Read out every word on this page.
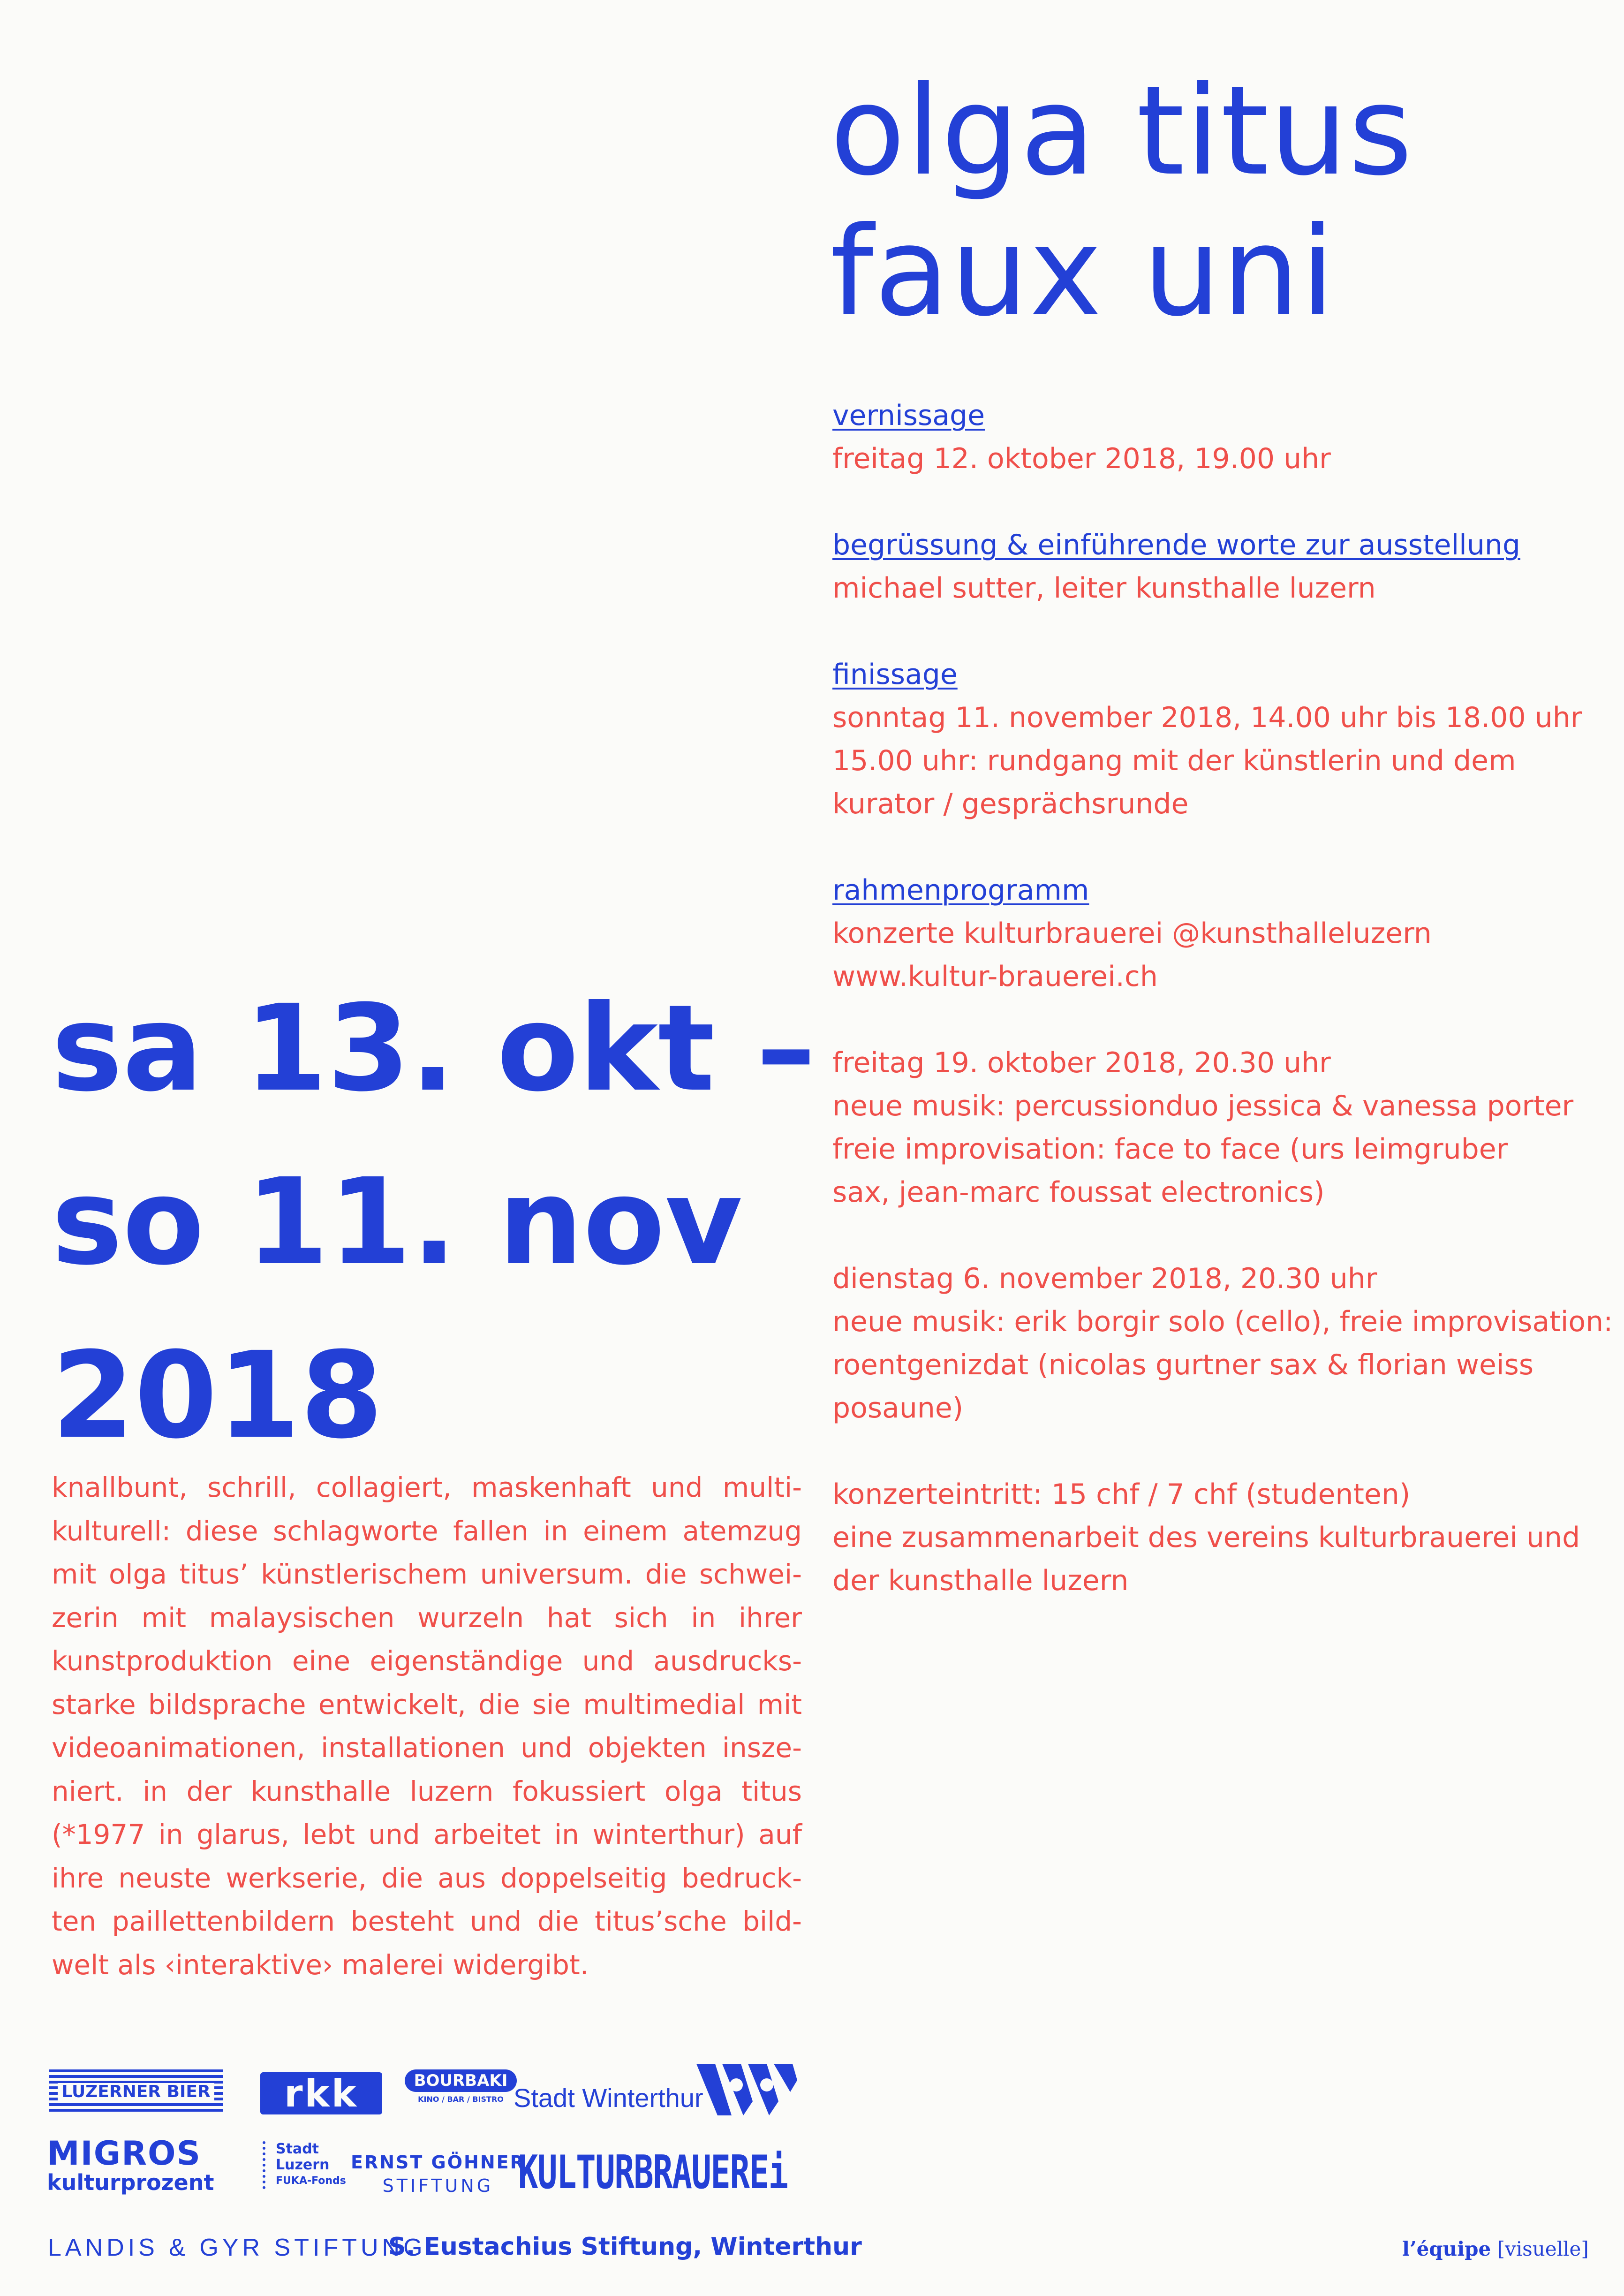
olga titus
faux uni
vernissage
freitag 12. oktober 2018, 19.00 uhr
begrüssung & einführende worte zur ausstellung
michael sutter, leiter kunsthalle luzern
finissage
sonntag 11. november 2018, 14.00 uhr bis 18.00 uhr
15.00 uhr: rundgang mit der künstlerin und dem
kurator / gesprächsrunde
rahmenprogramm
konzerte kulturbrauerei @kunsthalleluzern
www.kultur-brauerei.ch
freitag 19. oktober 2018, 20.30 uhr
neue musik: percussionduo jessica & vanessa porter
freie improvisation: face to face (urs leimgruber
sax, jean-marc foussat electronics)
dienstag 6. november 2018, 20.30 uhr
neue musik: erik borgir solo (cello), freie improvisation:
roentgenizdat (nicolas gurtner sax & florian weiss
posaune)
konzerteintritt: 15 chf / 7 chf (studenten)
eine zusammenarbeit des vereins kulturbrauerei und
der kunsthalle luzern
sa 13. okt –
so 11. nov
2018
knallbunt, schrill, collagiert, maskenhaft und multi-
kulturell: diese schlagworte fallen in einem atemzug
mit olga titus’ künstlerischem universum. die schwei-
zerin mit malaysischen wurzeln hat sich in ihrer
kunstproduktion eine eigenständige und ausdrucks-
starke bildsprache entwickelt, die sie multimedial mit
videoanimationen, installationen und objekten insze-
niert. in der kunsthalle luzern fokussiert olga titus
(*1977 in glarus, lebt und arbeitet in winterthur) auf
ihre neuste werkserie, die aus doppelseitig bedruck-
ten paillettenbildern besteht und die titus’sche bild-
welt als ‹interaktive› malerei widergibt.
LUZERNER BIER rkk	BOURBAKI
KINO / BAR / BISTRO Stadt Winterthur
MIGROS
kulturprozent
Stadt
Luzern
FUKA-Fonds
ERNST GÖHNER
STIFTUNG KULTURBRAUEREi
LANDIS & GYR STIFTUNG
S. Eustachius Stiftung, Winterthur	l’équipe [visuelle]
